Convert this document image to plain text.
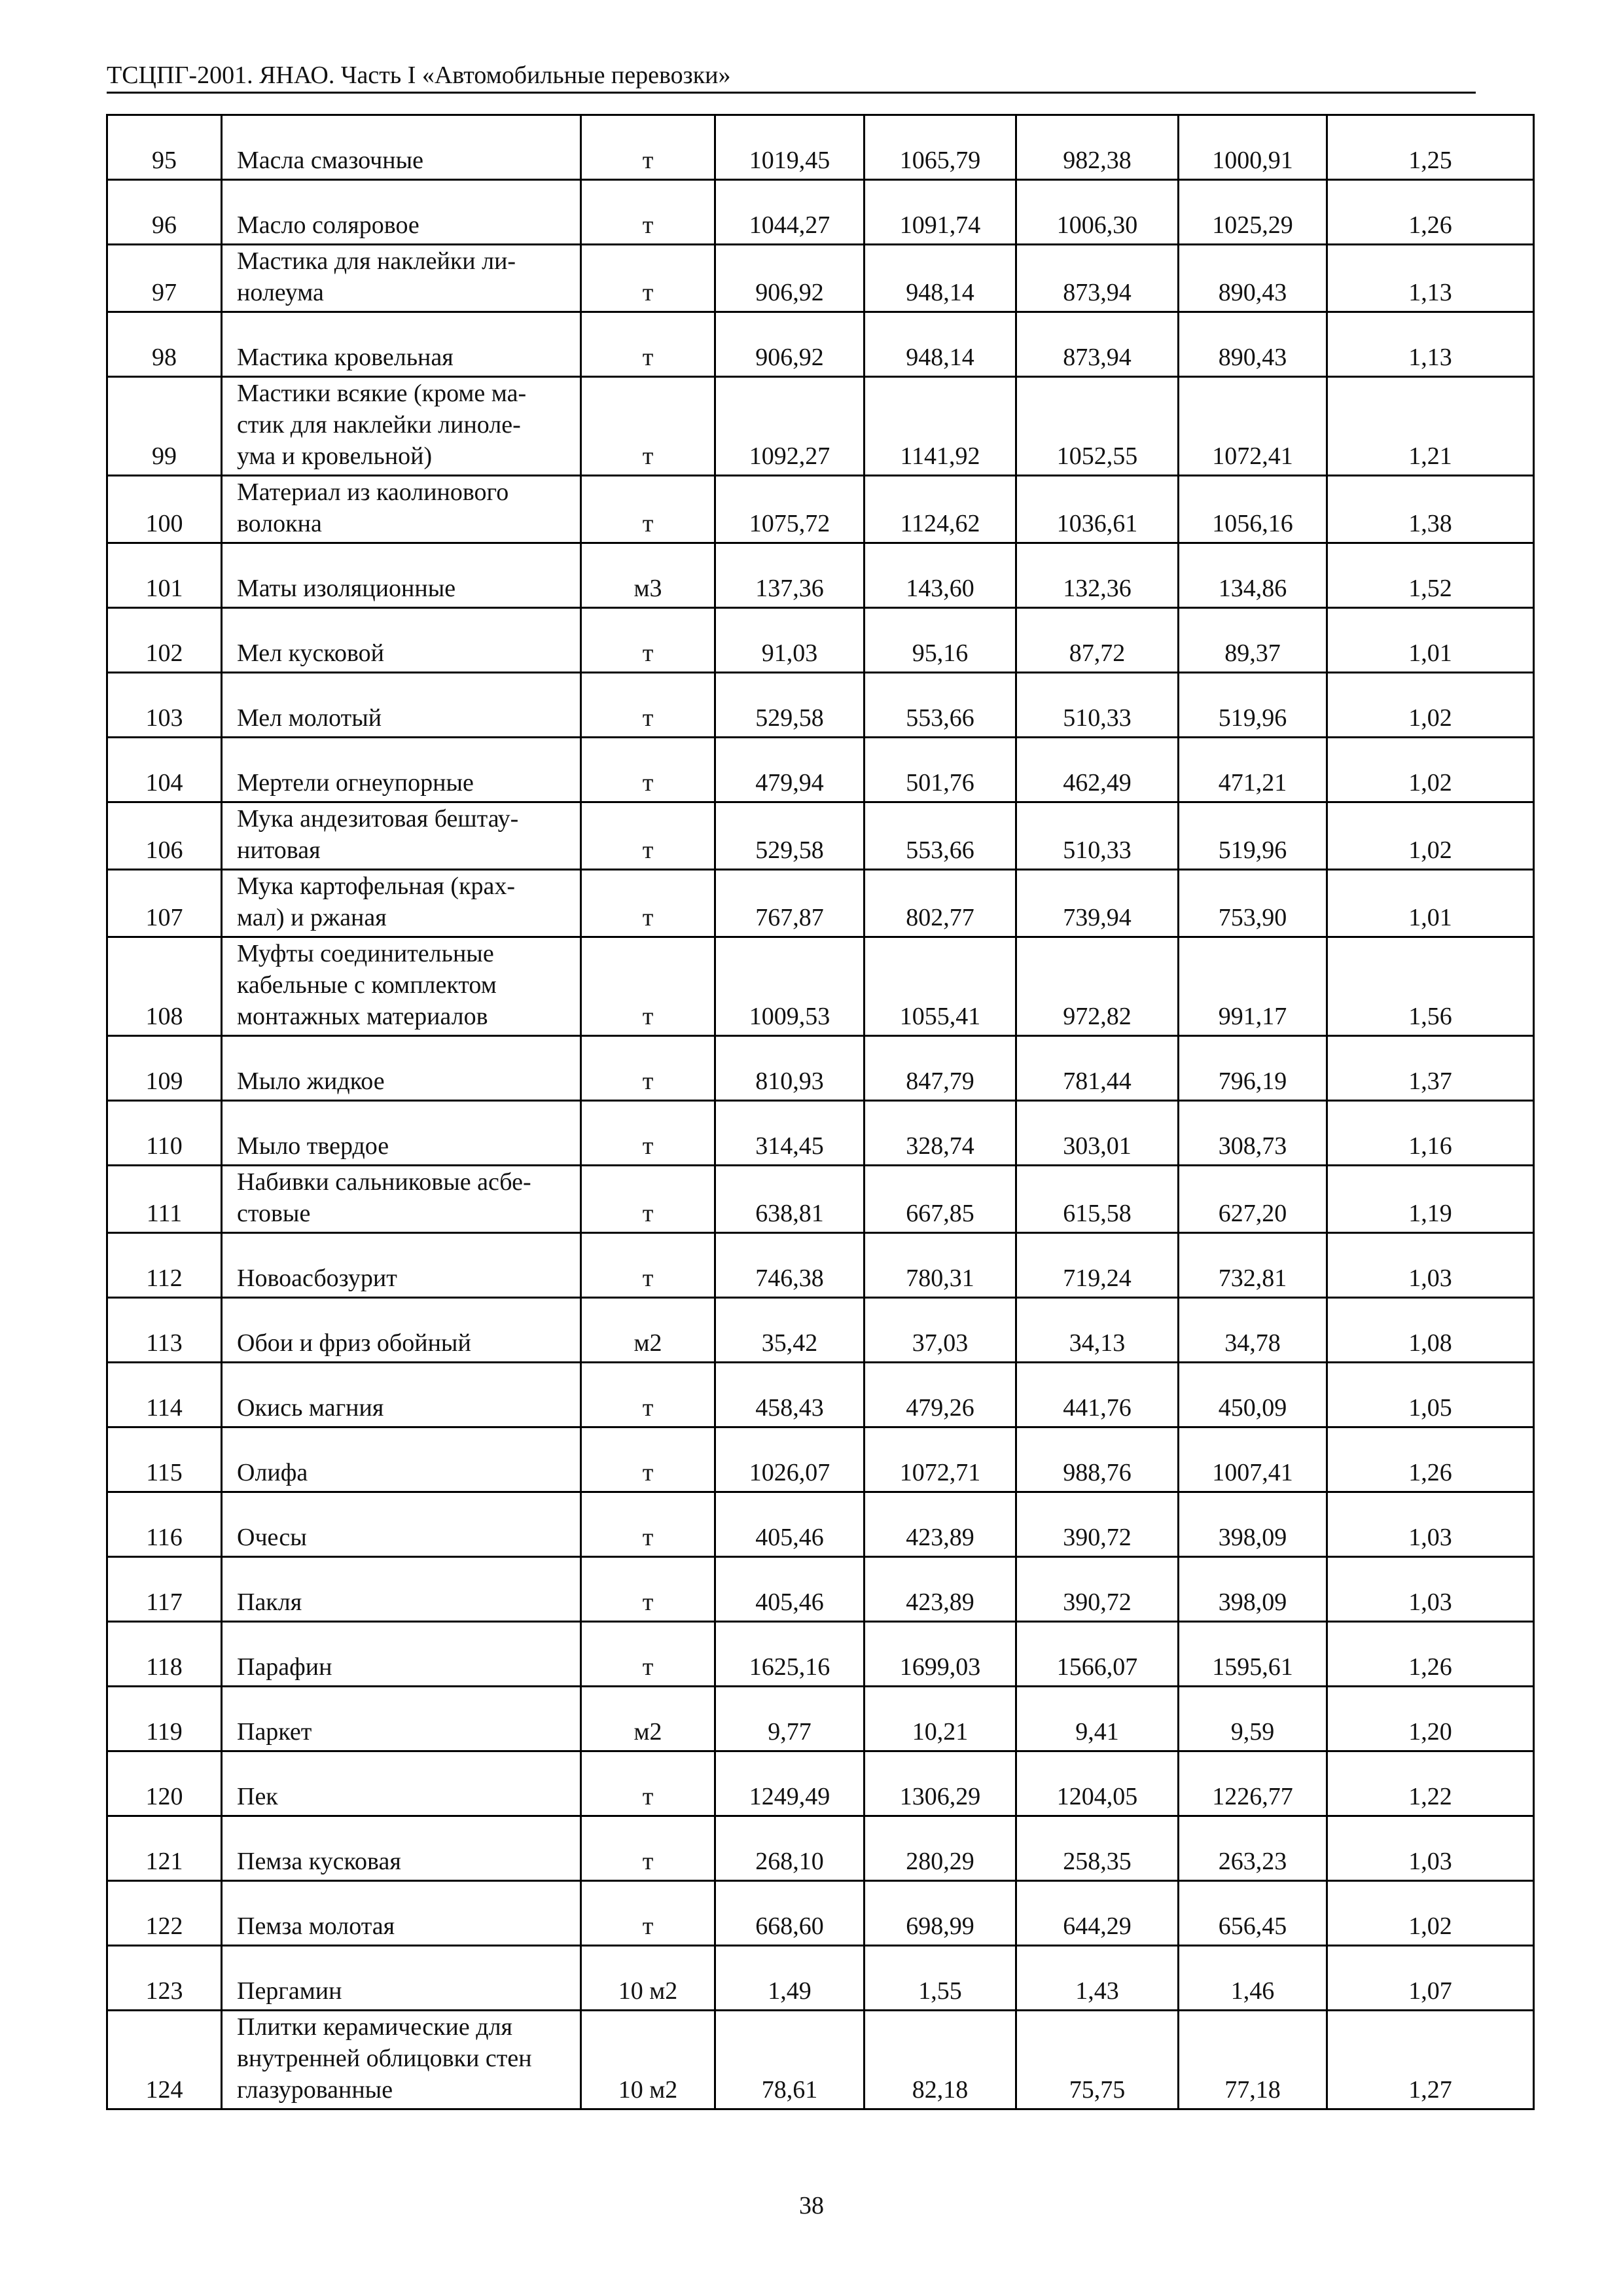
ТСЦПГ-2001. ЯНАО. Часть I «Автомобильные перевозки»
95	Масла смазочные	т	1019,45	1065,79	982,38	1000,91	1,25
96	Масло соляровое	т	1044,27	1091,74	1006,30	1025,29	1,26
97	Мастика для наклейки ли-
нолеума	т	906,92	948,14	873,94	890,43	1,13
98	Мастика кровельная	т	906,92	948,14	873,94	890,43	1,13
99	Мастики всякие (кроме ма-
стик для наклейки линоле-
ума и кровельной)	т	1092,27	1141,92	1052,55	1072,41	1,21
100	Материал из каолинового
волокна	т	1075,72	1124,62	1036,61	1056,16	1,38
101	Маты изоляционные	м3	137,36	143,60	132,36	134,86	1,52
102	Мел кусковой	т	91,03	95,16	87,72	89,37	1,01
103	Мел молотый	т	529,58	553,66	510,33	519,96	1,02
104	Мертели огнеупорные	т	479,94	501,76	462,49	471,21	1,02
106	Мука андезитовая бештау-
нитовая	т	529,58	553,66	510,33	519,96	1,02
107	Мука картофельная (крах-
мал) и ржаная	т	767,87	802,77	739,94	753,90	1,01
108	Муфты соединительные
кабельные с комплектом
монтажных материалов	т	1009,53	1055,41	972,82	991,17	1,56
109	Мыло жидкое	т	810,93	847,79	781,44	796,19	1,37
110	Мыло твердое	т	314,45	328,74	303,01	308,73	1,16
111	Набивки сальниковые асбе-
стовые	т	638,81	667,85	615,58	627,20	1,19
112	Новоасбозурит	т	746,38	780,31	719,24	732,81	1,03
113	Обои и фриз обойный	м2	35,42	37,03	34,13	34,78	1,08
114	Окись магния	т	458,43	479,26	441,76	450,09	1,05
115	Олифа	т	1026,07	1072,71	988,76	1007,41	1,26
116	Очесы	т	405,46	423,89	390,72	398,09	1,03
117	Пакля	т	405,46	423,89	390,72	398,09	1,03
118	Парафин	т	1625,16	1699,03	1566,07	1595,61	1,26
119	Паркет	м2	9,77	10,21	9,41	9,59	1,20
120	Пек	т	1249,49	1306,29	1204,05	1226,77	1,22
121	Пемза кусковая	т	268,10	280,29	258,35	263,23	1,03
122	Пемза молотая	т	668,60	698,99	644,29	656,45	1,02
123	Пергамин	10 м2	1,49	1,55	1,43	1,46	1,07
124	Плитки керамические для
внутренней облицовки стен
глазурованные	10 м2	78,61	82,18	75,75	77,18	1,27
38
